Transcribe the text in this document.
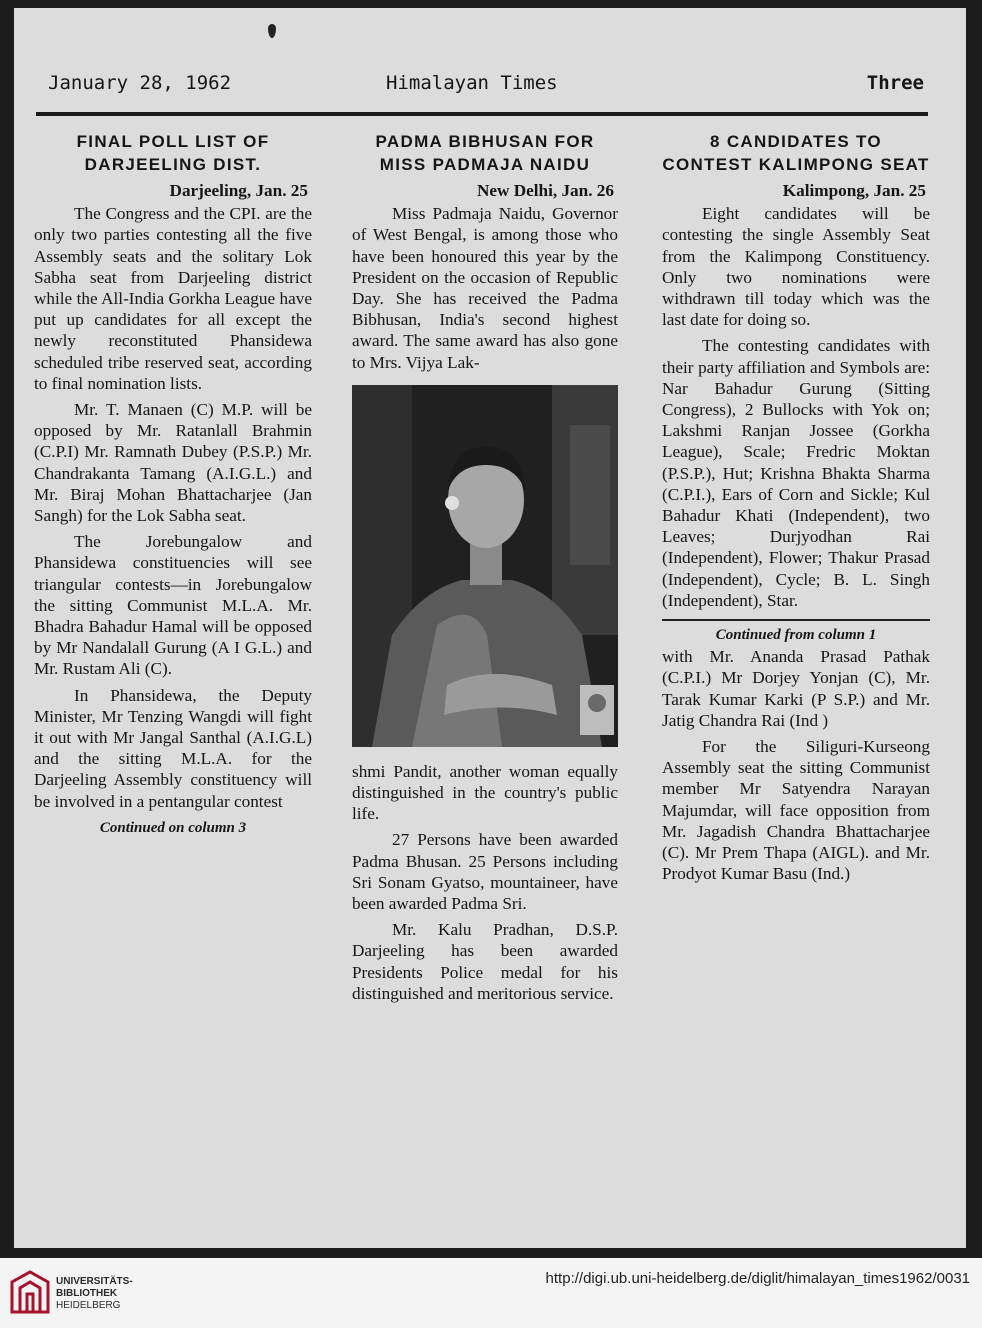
January 28, 1962	Himalayan Times	Three
FINAL POLL LIST OF DARJEELING DIST.
Darjeeling, Jan. 25

The Congress and the CPI. are the only two parties contesting all the five Assembly seats and the solitary Lok Sabha seat from Darjeeling district while the All-India Gorkha League have put up candidates for all except the newly reconstituted Phansidewa scheduled tribe reserved seat, according to final nomination lists.

Mr. T. Manaen (C) M.P. will be opposed by Mr. Ratanlall Brahmin (C.P.I) Mr. Ramnath Dubey (P.S.P.) Mr. Chandrakanta Tamang (A.I.G.L.) and Mr. Biraj Mohan Bhattacharjee (Jan Sangh) for the Lok Sabha seat.

The Jorebungalow and Phansidewa constituencies will see triangular contests—in Jorebungalow the sitting Communist M.L.A. Mr. Bhadra Bahadur Hamal will be opposed by Mr Nandalall Gurung (A I G.L.) and Mr. Rustam Ali (C).

In Phansidewa, the Deputy Minister, Mr Tenzing Wangdi will fight it out with Mr Jangal Santhal (A.I.G.L) and the sitting M.L.A. for the Darjeeling Assembly constituency will be involved in a pentangular contest

Continued on column 3
PADMA BIBHUSAN FOR MISS PADMAJA NAIDU
New Delhi, Jan. 26

Miss Padmaja Naidu, Governor of West Bengal, is among those who have been honoured this year by the President on the occasion of Republic Day. She has received the Padma Bibhusan, India's second highest award. The same award has also gone to Mrs. Vijya Lak-

shmi Pandit, another woman equally distinguished in the country's public life.

27 Persons have been awarded Padma Bhusan. 25 Persons including Sri Sonam Gyatso, mountaineer, have been awarded Padma Sri.

Mr. Kalu Pradhan, D.S.P. Darjeeling has been awarded Presidents Police medal for his distinguished and meritorious service.

8 CANDIDATES TO CONTEST KALIMPONG SEAT
Kalimpong, Jan. 25

Eight candidates will be contesting the single Assembly Seat from the Kalimpong Constituency. Only two nominations were withdrawn till today which was the last date for doing so.

The contesting candidates with their party affiliation and Symbols are: Nar Bahadur Gurung (Sitting Congress), 2 Bullocks with Yok on; Lakshmi Ranjan Jossee (Gorkha League), Scale; Fredric Moktan (P.S.P.), Hut; Krishna Bhakta Sharma (C.P.I.), Ears of Corn and Sickle; Kul Bahadur Khati (Independent), two Leaves; Durjyodhan Rai (Independent), Flower; Thakur Prasad (Independent), Cycle; B. L. Singh (Independent), Star.

Continued from column 1

with Mr. Ananda Prasad Pathak (C.P.I.) Mr Dorjey Yonjan (C), Mr. Tarak Kumar Karki (P S.P.) and Mr. Jatig Chandra Rai (Ind )

For the Siliguri-Kurseong Assembly seat the sitting Communist member Mr Satyendra Narayan Majumdar, will face opposition from Mr. Jagadish Chandra Bhattacharjee (C). Mr Prem Thapa (AIGL). and Mr. Prodyot Kumar Basu (Ind.)

UNIVERSITÄTS-
BIBLIOTHEK
HEIDELBERG
http://digi.ub.uni-heidelberg.de/diglit/himalayan_times1962/0031
